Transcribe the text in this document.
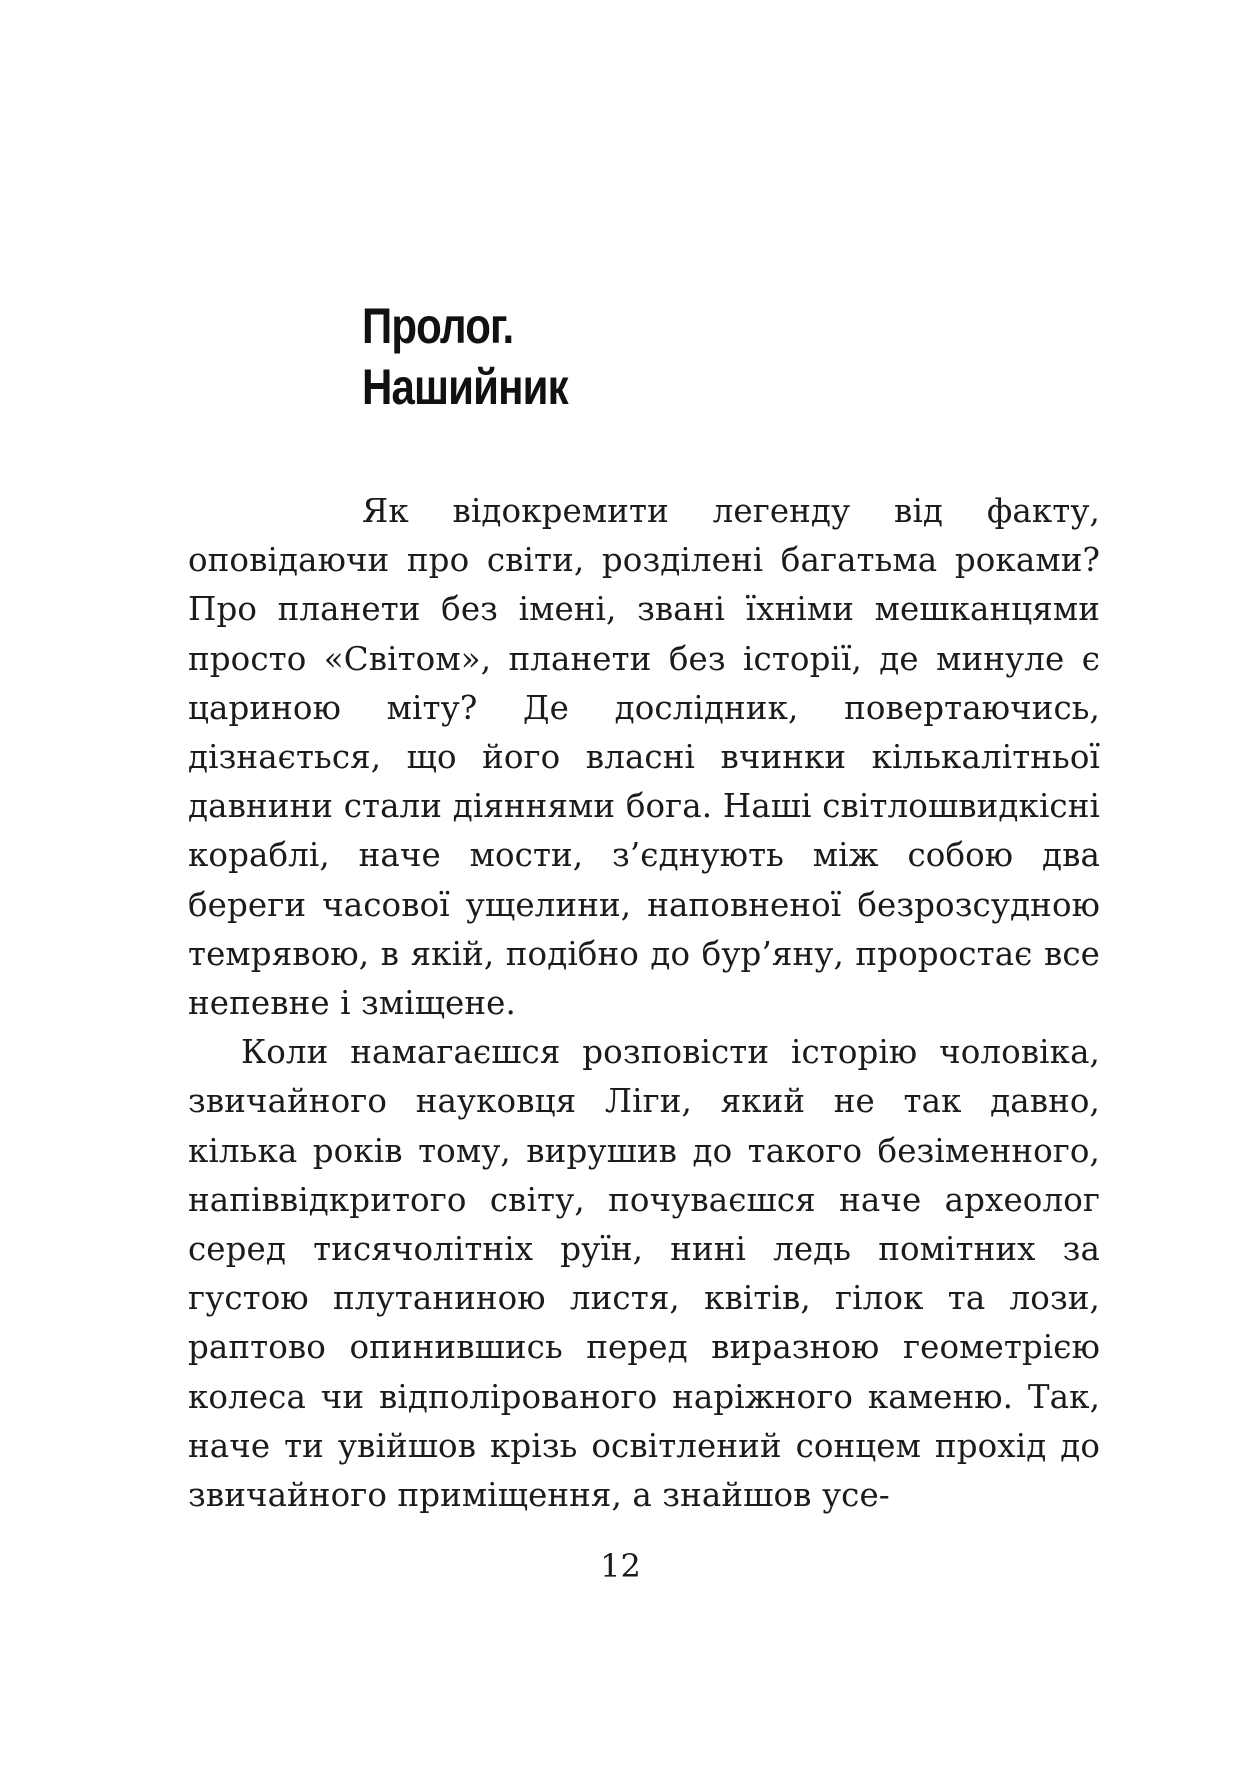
Пролог.
Нашийник

Як відокремити легенду від факту, оповідаючи про світи, розділені багатьма роками? Про планети без імені, звані їхніми мешканцями просто «Світом», планети без історії, де минуле є цариною міту? Де дослідник, повертаючись, дізнається, що його власні вчинки кількалітньої давнини стали діяннями бога. Наші світлошвидкісні кораблі, наче мости, з’єднують між собою два береги часової ущелини, наповненої безрозсудною темрявою, в якій, подібно до бур’яну, проростає все непевне і зміщене.

Коли намагаєшся розповісти історію чоловіка, звичайного науковця Ліги, який не так давно, кілька років тому, вирушив до такого безіменного, напіввідкритого світу, почуваєшся наче археолог серед тисячолітніх руїн, нині ледь помітних за густою плутаниною листя, квітів, гілок та лози, раптово опинившись перед виразною геометрією колеса чи відполірованого наріжного каменю. Так, наче ти увійшов крізь освітлений сонцем прохід до звичайного приміщення, а знайшов усе-

12
